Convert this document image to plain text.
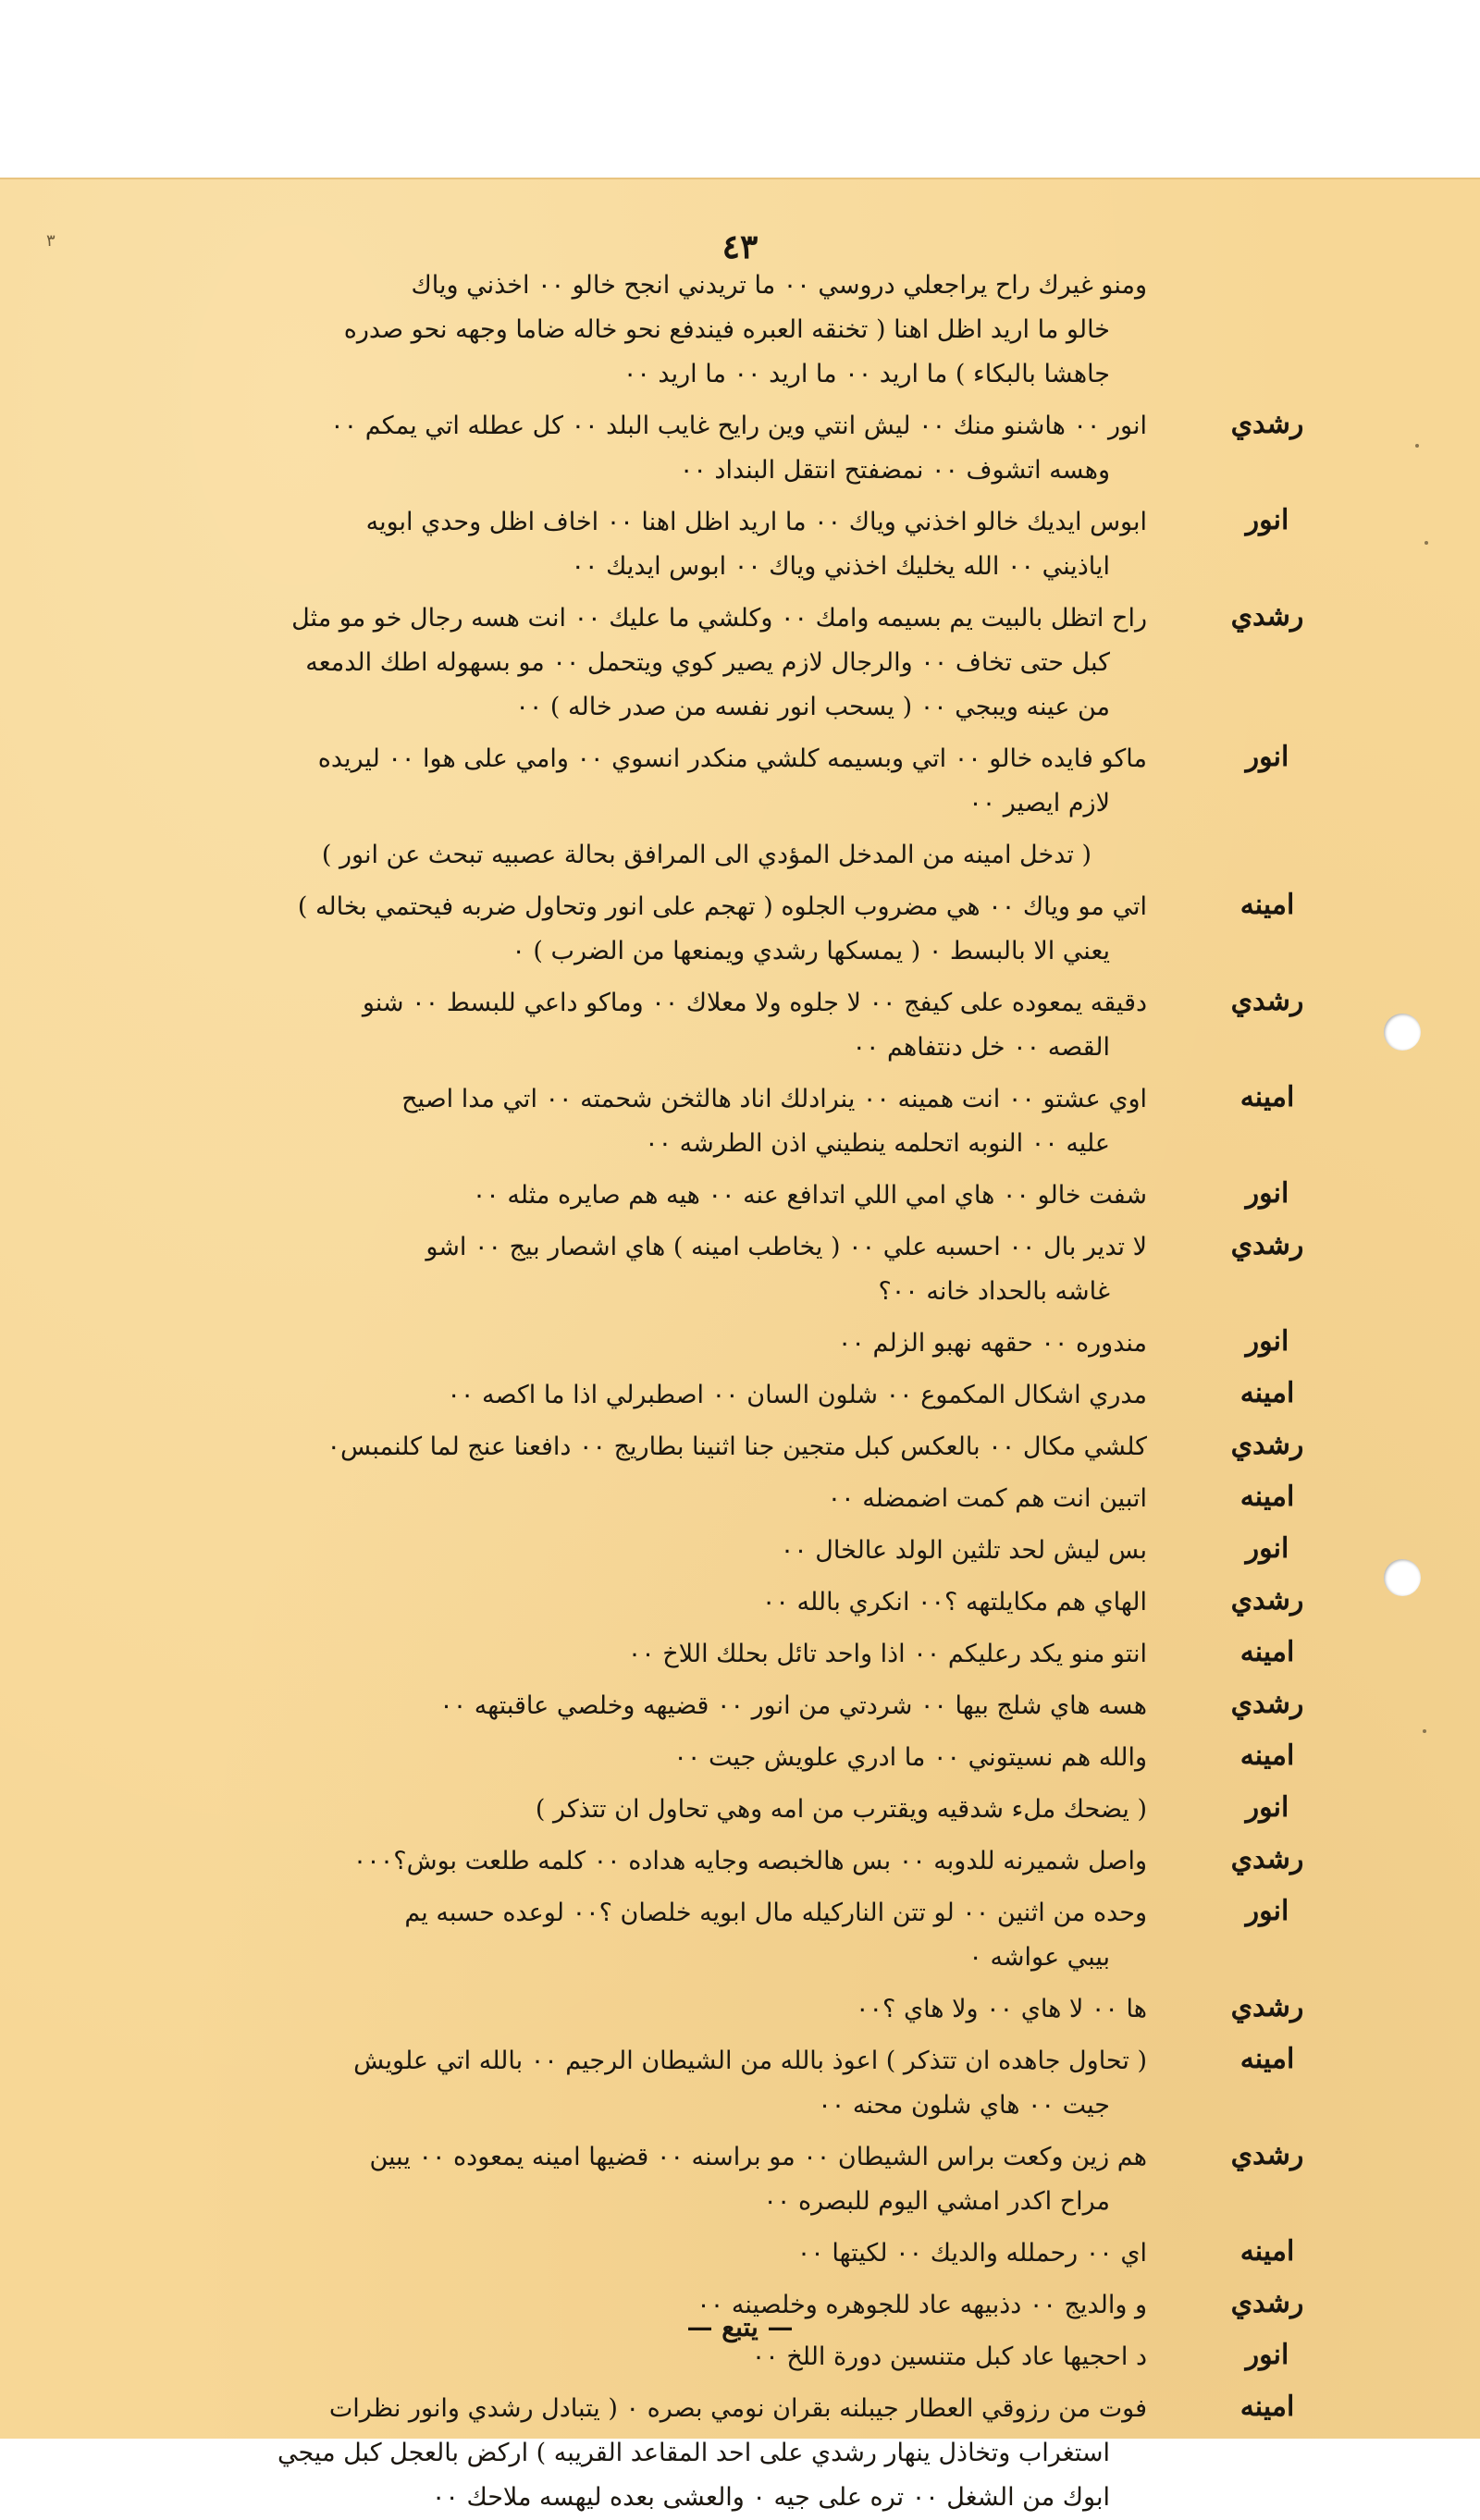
٣	٤٣
ومنو غيرك راح يراجعلي دروسي ٠٠ ما تريدني انجح خالو ٠٠ اخذني وياك
خالو ما اريد اظل اهنا ( تخنقه العبره فيندفع نحو خاله ضاما وجهه نحو صدره
جاهشا بالبكاء ) ما اريد ٠٠ ما اريد ٠٠ ما اريد ٠٠
رشدي
انور ٠٠ هاشنو منك ٠٠ ليش انتي وين رايح غايب البلد ٠٠ كل عطله اتي يمكم ٠٠
وهسه اتشوف ٠٠ نمضفتح انتقل البنداد ٠٠
انور
ابوس ايديك خالو اخذني وياك ٠٠ ما اريد اظل اهنا ٠٠ اخاف اظل وحدي ابويه
اياذيني ٠٠ الله يخليك اخذني وياك ٠٠ ابوس ايديك ٠٠
رشدي
راح اتظل بالبيت يم بسيمه وامك ٠٠ وكلشي ما عليك ٠٠ انت هسه رجال خو مو مثل
كبل حتى تخاف ٠٠ والرجال لازم يصير كوي ويتحمل ٠٠ مو بسهوله اطك الدمعه
من عينه ويبجي ٠٠ ( يسحب انور نفسه من صدر خاله ) ٠٠
انور
ماكو فايده خالو ٠٠ اتي وبسيمه كلشي منكدر انسوي ٠٠ وامي على هوا ٠٠ ليريده
لازم ايصير ٠٠
( تدخل امينه من المدخل المؤدي الى المرافق بحالة عصبيه تبحث عن انور )
امينه
اتي مو وياك ٠٠ هي مضروب الجلوه ( تهجم على انور وتحاول ضربه فيحتمي بخاله )
يعني الا بالبسط ٠ ( يمسكها رشدي ويمنعها من الضرب ) ٠
رشدي
دقيقه يمعوده على كيفج ٠٠ لا جلوه ولا معلاك ٠٠ وماكو داعي للبسط ٠٠ شنو
القصه ٠٠ خل دنتفاهم ٠٠
امينه
اوي عشتو ٠٠ انت همينه ٠٠ ينرادلك اناد هالثخن شحمته ٠٠ اتي مدا اصيح
عليه ٠٠ النوبه اتحلمه ينطيني اذن الطرشه ٠٠
انور
شفت خالو ٠٠ هاي امي اللي اتدافع عنه ٠٠ هيه هم صايره مثله ٠٠
رشدي
لا تدير بال ٠٠ احسبه علي ٠٠ ( يخاطب امينه ) هاي اشصار بيج ٠٠ اشو
غاشه بالحداد خانه ٠٠؟
انور
مندوره ٠٠ حقهه نهبو الزلم ٠٠
امينه
مدري اشكال المكموع ٠٠ شلون السان ٠٠ اصطبرلي اذا ما اكصه ٠٠
رشدي
كلشي مكال ٠٠ بالعكس كبل متجين جنا اثنينا بطاريج ٠٠ دافعنا عنج لما كلنمبس٠
امينه
اتبين انت هم كمت اضمضله ٠٠
انور
بس ليش لحد تلثين الولد عالخال ٠٠
رشدي
الهاي هم مكايلتهه ؟٠٠ انكري بالله ٠٠
امينه
انتو منو يكد رعليكم ٠٠ اذا واحد تائل بحلك اللاخ ٠٠
رشدي
هسه هاي شلج بيها ٠٠ شردتي من انور ٠٠ قضيهه وخلصي عاقبتهه ٠٠
امينه
والله هم نسيتوني ٠٠ ما ادري علويش جيت ٠٠
انور
( يضحك ملء شدقيه ويقترب من امه وهي تحاول ان تتذكر )
رشدي
واصل شميرنه للدوبه ٠٠ بس هالخبصه وجايه هداده ٠٠ كلمه طلعت بوش؟٠٠٠
انور
وحده من اثنين ٠٠ لو تتن الناركيله مال ابويه خلصان ؟٠٠ لوعده حسبه يم
بيبي عواشه ٠
رشدي
ها ٠٠ لا هاي ٠٠ ولا هاي ؟٠٠
امينه
( تحاول جاهده ان تتذكر ) اعوذ بالله من الشيطان الرجيم ٠٠ بالله اتي علويش
جيت ٠٠ هاي شلون محنه ٠٠
رشدي
هم زين وكعت براس الشيطان ٠٠ مو براسنه ٠٠ قضيها امينه يمعوده ٠٠ يبين
مراح اكدر امشي اليوم للبصره ٠٠
امينه
اي ٠٠ رحملله والديك ٠٠ لكيتها ٠٠
رشدي
و والديج ٠٠ دذبيهه عاد للجوهره وخلصينه ٠٠
انور
د احجيها عاد كبل متنسين دورة اللخ ٠٠
امينه
فوت من رزوقي العطار جيبلنه بقران نومي بصره ٠ ( يتبادل رشدي وانور نظرات
استغراب وتخاذل ينهار رشدي على احد المقاعد القريبه ) اركض بالعجل كبل ميجي
ابوك من الشغل ٠٠ تره على جيه ٠ والعشى بعده ليهسه ملاحك ٠٠
— يتبع —
